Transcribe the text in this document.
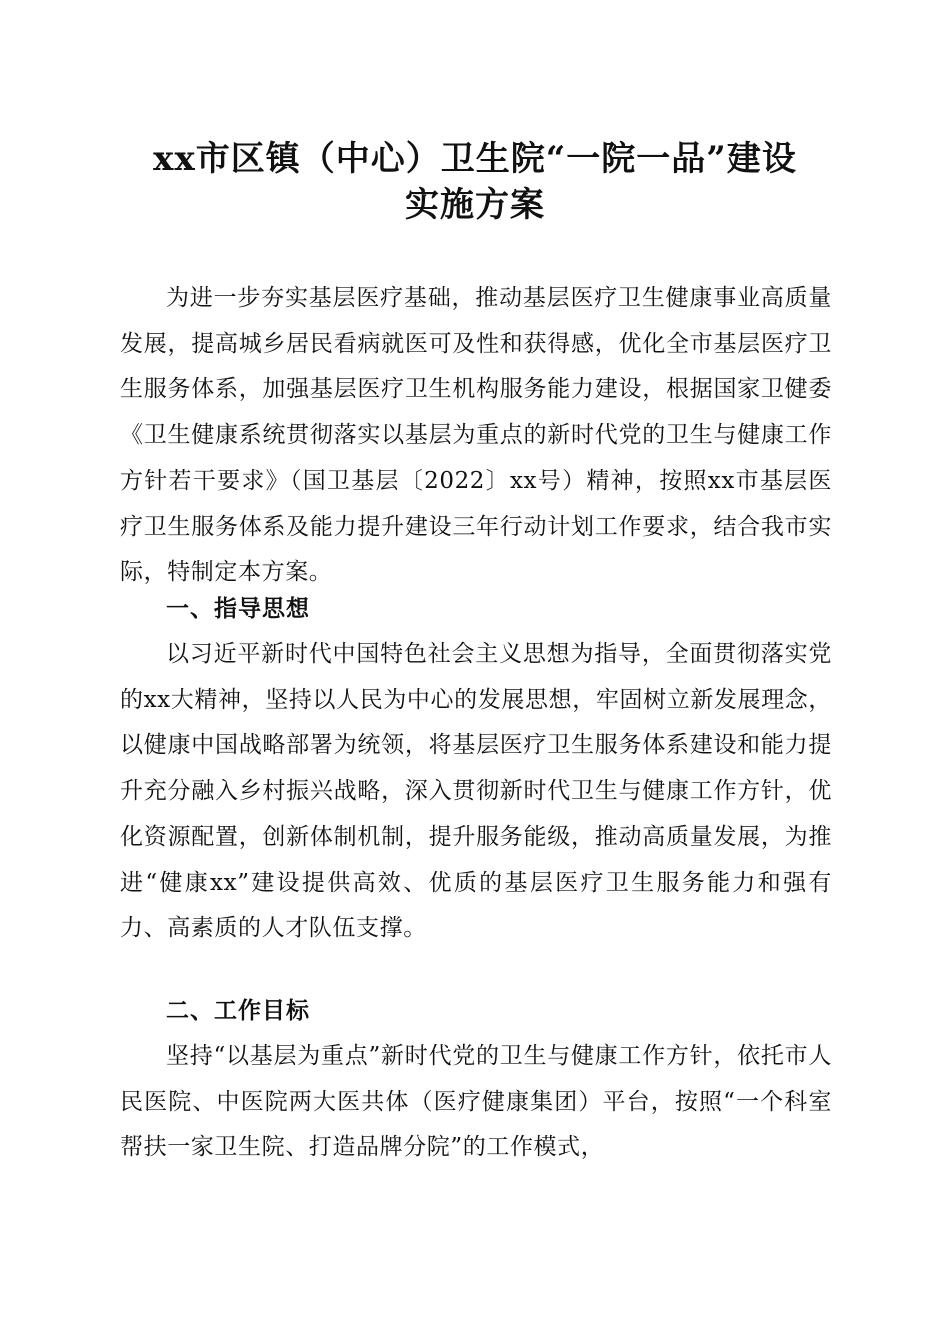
xx市区镇（中心）卫生院“一院一品”建设
实施方案

为进一步夯实基层医疗基础，推动基层医疗卫生健康事业高质量发展，提高城乡居民看病就医可及性和获得感，优化全市基层医疗卫生服务体系，加强基层医疗卫生机构服务能力建设，根据国家卫健委《卫生健康系统贯彻落实以基层为重点的新时代党的卫生与健康工作方针若干要求》（国卫基层〔2022〕xx号）精神，按照xx市基层医疗卫生服务体系及能力提升建设三年行动计划工作要求，结合我市实际，特制定本方案。

一、指导思想

以习近平新时代中国特色社会主义思想为指导，全面贯彻落实党的xx大精神，坚持以人民为中心的发展思想，牢固树立新发展理念，以健康中国战略部署为统领，将基层医疗卫生服务体系建设和能力提升充分融入乡村振兴战略，深入贯彻新时代卫生与健康工作方针，优化资源配置，创新体制机制，提升服务能级，推动高质量发展，为推进“健康xx”建设提供高效、优质的基层医疗卫生服务能力和强有力、高素质的人才队伍支撑。

二、工作目标

坚持“以基层为重点”新时代党的卫生与健康工作方针，依托市人民医院、中医院两大医共体（医疗健康集团）平台，按照“一个科室帮扶一家卫生院、打造品牌分院”的工作模式，
